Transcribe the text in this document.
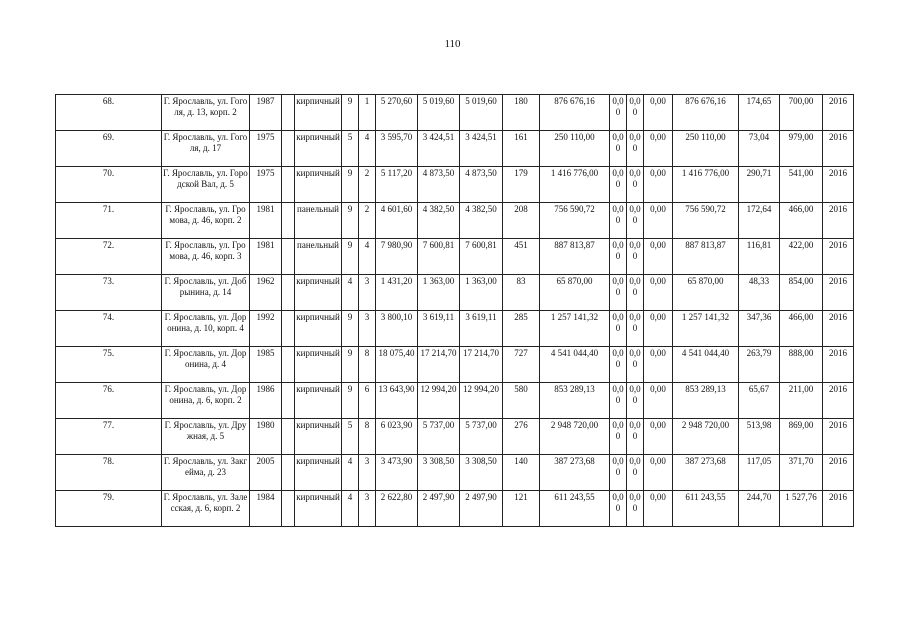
110
68.	Г. Ярославль, ул. Гоголя, д. 13, корп. 2	1987		кирпичный	9	1	5 270,60	5 019,60	5 019,60	180	876 676,16	0,00	0,00	0,00	876 676,16	174,65	700,00	2016
69.	Г. Ярославль, ул. Гоголя, д. 17	1975		кирпичный	5	4	3 595,70	3 424,51	3 424,51	161	250 110,00	0,00	0,00	0,00	250 110,00	73,04	979,00	2016
70.	Г. Ярославль, ул. Городской Вал, д. 5	1975		кирпичный	9	2	5 117,20	4 873,50	4 873,50	179	1 416 776,00	0,00	0,00	0,00	1 416 776,00	290,71	541,00	2016
71.	Г. Ярославль, ул. Громова, д. 46, корп. 2	1981		панельный	9	2	4 601,60	4 382,50	4 382,50	208	756 590,72	0,00	0,00	0,00	756 590,72	172,64	466,00	2016
72.	Г. Ярославль, ул. Громова, д. 46, корп. 3	1981		панельный	9	4	7 980,90	7 600,81	7 600,81	451	887 813,87	0,00	0,00	0,00	887 813,87	116,81	422,00	2016
73.	Г. Ярославль, ул. Добрынина, д. 14	1962		кирпичный	4	3	1 431,20	1 363,00	1 363,00	83	65 870,00	0,00	0,00	0,00	65 870,00	48,33	854,00	2016
74.	Г. Ярославль, ул. Доронина, д. 10, корп. 4	1992		кирпичный	9	3	3 800,10	3 619,11	3 619,11	285	1 257 141,32	0,00	0,00	0,00	1 257 141,32	347,36	466,00	2016
75.	Г. Ярославль, ул. Доронина, д. 4	1985		кирпичный	9	8	18 075,40	17 214,70	17 214,70	727	4 541 044,40	0,00	0,00	0,00	4 541 044,40	263,79	888,00	2016
76.	Г. Ярославль, ул. Доронина, д. 6, корп. 2	1986		кирпичный	9	6	13 643,90	12 994,20	12 994,20	580	853 289,13	0,00	0,00	0,00	853 289,13	65,67	211,00	2016
77.	Г. Ярославль, ул. Дружная, д. 5	1980		кирпичный	5	8	6 023,90	5 737,00	5 737,00	276	2 948 720,00	0,00	0,00	0,00	2 948 720,00	513,98	869,00	2016
78.	Г. Ярославль, ул. Закгейма, д. 23	2005		кирпичный	4	3	3 473,90	3 308,50	3 308,50	140	387 273,68	0,00	0,00	0,00	387 273,68	117,05	371,70	2016
79.	Г. Ярославль, ул. Залесская, д. 6, корп. 2	1984		кирпичный	4	3	2 622,80	2 497,90	2 497,90	121	611 243,55	0,00	0,00	0,00	611 243,55	244,70	1 527,76	2016
